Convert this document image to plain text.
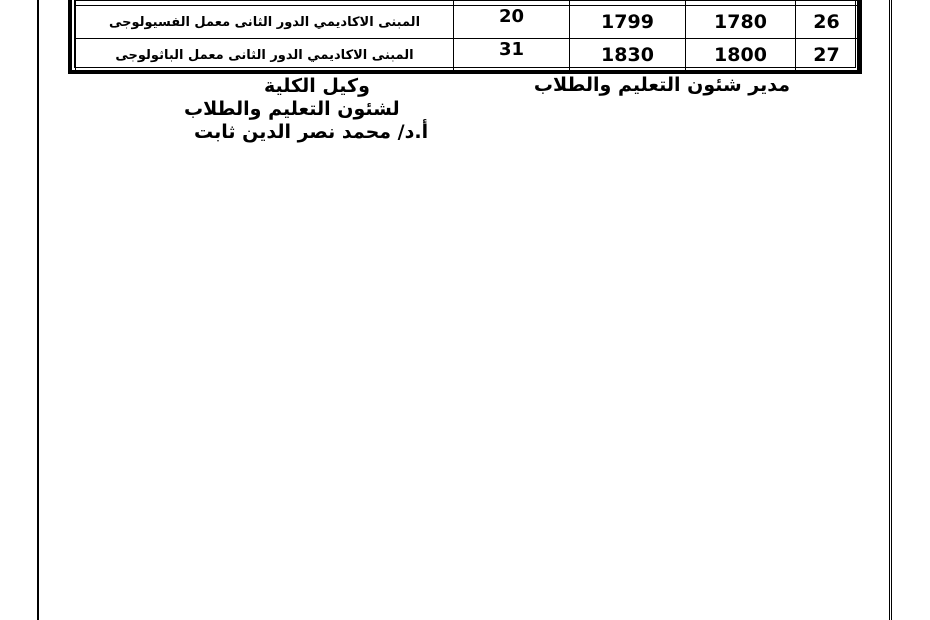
المبنى الاكاديمي الدور الثانى معمل الفسيولوجى	20	1799	1780	26
المبنى الاكاديمي الدور الثانى معمل الباثولوجى	31	1830	1800	27
مدير شئون التعليم والطلاب
وكيل الكلية
لشئون التعليم والطلاب
أ.د/ محمد نصر الدين ثابت
